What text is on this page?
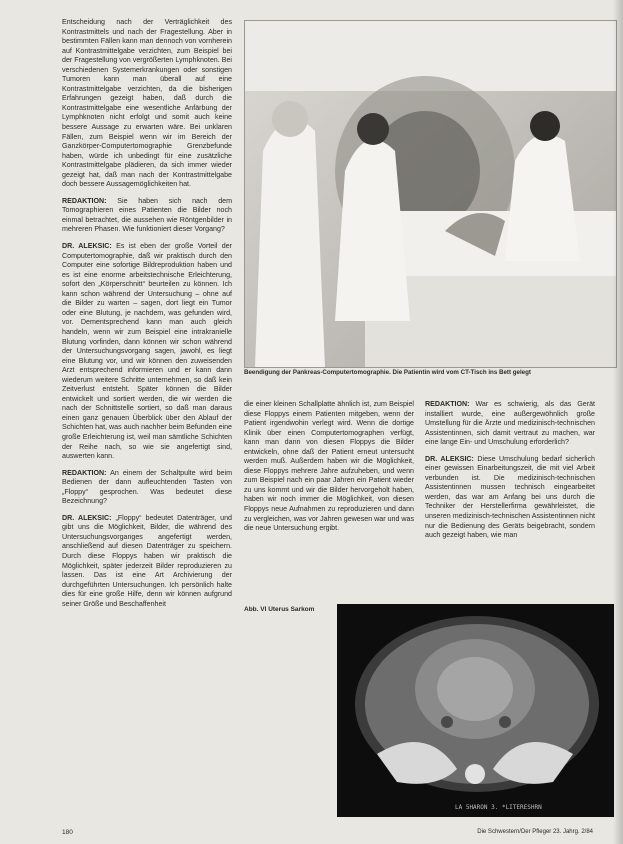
Entscheidung nach der Verträglichkeit des Kontrastmittels und nach der Fragestellung. Aber in bestimmten Fällen kann man dennoch von vornherein auf Kontrastmittelgabe verzichten, zum Beispiel bei der Fragestellung von vergrößerten Lymphknoten. Bei verschiedenen Systemerkrankungen oder sonstigen Tumoren kann man überall auf eine Kontrastmittelgabe verzichten, da die bisherigen Erfahrungen gezeigt haben, daß durch die Kontrastmittelgabe eine wesentliche Anfärbung der Lymphknoten nicht erfolgt und somit auch keine bessere Aussage zu erwarten wäre. Bei unklaren Fällen, zum Beispiel wenn wir im Bereich der Ganzkörper-Computertomographie Grenzbefunde haben, würde ich unbedingt für eine zusätzliche Kontrastmittelgabe plädieren, da sich immer wieder gezeigt hat, daß man nach der Kontrastmittelgabe doch bessere Aussagemöglichkeiten hat.

REDAKTION: Sie haben sich nach dem Tomographieren eines Patienten die Bilder noch einmal betrachtet, die aussehen wie Röntgenbilder in mehreren Phasen. Wie funktioniert dieser Vorgang?

DR. ALEKSIC: Es ist eben der große Vorteil der Computertomographie, daß wir praktisch durch den Computer eine sofortige Bildreproduktion haben und es ist eine enorme arbeitstechnische Erleichterung, sofort den „Körperschnitt“ beurteilen zu können. Ich kann schon während der Untersuchung – ohne auf die Bilder zu warten – sagen, dort liegt ein Tumor oder eine Blutung, je nachdem, was gefunden wird, vor. Dementsprechend kann man auch gleich handeln, wenn wir zum Beispiel eine intrakranielle Blutung vorfinden, dann können wir schon während der Untersuchungsvorgang sagen, jawohl, es liegt eine Blutung vor, und wir können den zuweisenden Arzt entsprechend informieren und er kann dann wiederum weitere Schritte unternehmen, so daß kein Zeitverlust entsteht. Später können die Bilder entwickelt und sortiert werden, die wir werden die nach der Schnittstelle sortiert, so daß man daraus einen ganz genauen Überblick über den Ablauf der Schichten hat, was auch nachher beim Befunden eine große Erleichterung ist, weil man sämtliche Schichten der Reihe nach, so wie sie angefertigt sind, auswerten kann.

REDAKTION: An einem der Schaltpulte wird beim Bedienen der dann aufleuchtenden Tasten von „Floppy“ gesprochen. Was bedeutet diese Bezeichnung?

DR. ALEKSIC: „Floppy“ bedeutet Datenträger, und gibt uns die Möglichkeit, Bilder, die während des Untersuchungsvorganges angefertigt werden, anschließend auf diesen Datenträger zu speichern. Durch diese Floppys haben wir praktisch die Möglichkeit, später jederzeit Bilder reproduzieren zu lassen. Das ist eine Art Archivierung der durchgeführten Untersuchungen. Ich persönlich halte dies für eine große Hilfe, denn wir können aufgrund seiner Größe und Beschaffenheit

Beendigung der Pankreas-Computertomographie. Die Patientin wird vom CT-Tisch ins Bett gelegt

die einer kleinen Schallplatte ähnlich ist, zum Beispiel diese Floppys einem Patienten mitgeben, wenn der Patient irgendwohin verlegt wird. Wenn die dortige Klinik über einen Computertomographen verfügt, kann man dann von diesen Floppys die Bilder entwickeln, ohne daß der Patient erneut untersucht werden muß. Außerdem haben wir die Möglichkeit, diese Floppys mehrere Jahre aufzuheben, und wenn zum Beispiel nach ein paar Jahren ein Patient wieder zu uns kommt und wir die Bilder hervorgeholt haben, haben wir noch immer die Möglichkeit, von diesen Floppys neue Aufnahmen zu reproduzieren und dann zu vergleichen, was vor Jahren gewesen war und was die neue Untersuchung ergibt.

REDAKTION: War es schwierig, als das Gerät installiert wurde, eine außergewöhnlich große Umstellung für die Ärzte und medizinisch-technischen Assistentinnen, sich damit vertraut zu machen, war eine lange Ein- und Umschulung erforderlich?

DR. ALEKSIC: Diese Umschulung bedarf sicherlich einer gewissen Einarbeitungszeit, die mit viel Arbeit verbunden ist. Die medizinisch-technischen Assistentinnen mussen technisch eingearbeitet werden, das war am Anfang bei uns durch die Techniker der Herstellerfirma gewährleistet, die unseren medizinisch-technischen Assistentinnen nicht nur die Bedienung des Geräts beigebracht, sondern auch gezeigt haben, wie man

Abb. VI Uterus Sarkom
LA 5HARON 3. *LITERESHRN
180	Die Schwestern/Der Pfleger 23. Jahrg. 2/84
